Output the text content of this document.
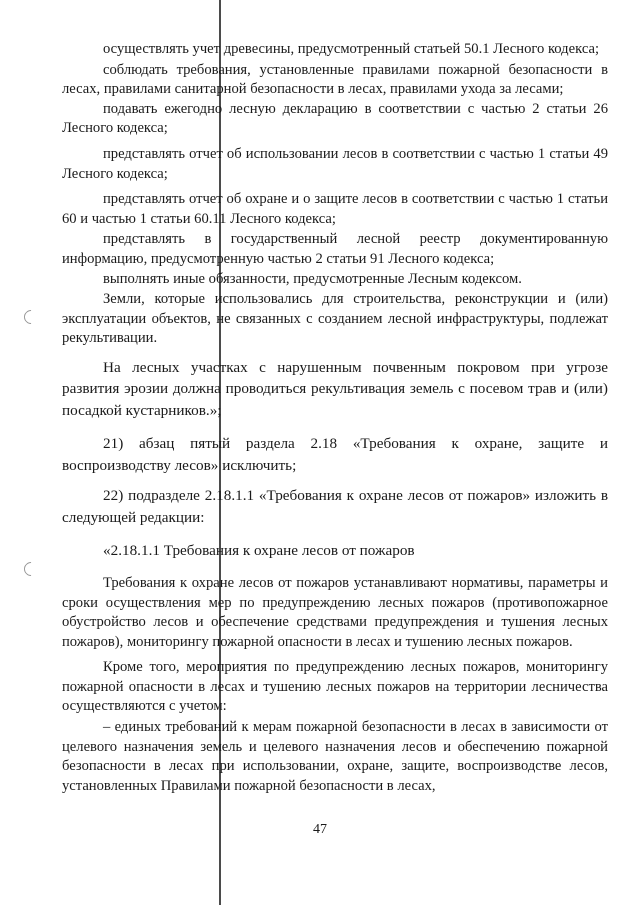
осуществлять учет древесины, предусмотренный статьей 50.1 Лесного кодекса;

соблюдать требования, установленные правилами пожарной безопасности в лесах, правилами санитарной безопасности в лесах, правилами ухода за лесами;

подавать ежегодно лесную декларацию в соответствии с частью 2 статьи 26 Лесного кодекса;

представлять отчет об использовании лесов в соответствии с частью 1 статьи 49 Лесного кодекса;

представлять отчет об охране и о защите лесов в соответствии с частью 1 статьи 60 и частью 1 статьи 60.11 Лесного кодекса;

представлять в государственный лесной реестр документированную информацию, предусмотренную частью 2 статьи 91 Лесного кодекса;

выполнять иные обязанности, предусмотренные Лесным кодексом.

Земли, которые использовались для строительства, реконструкции и (или) эксплуатации объектов, не связанных с созданием лесной инфраструктуры, подлежат рекультивации.

На лесных участках с нарушенным почвенным покровом при угрозе развития эрозии должна проводиться рекультивация земель с посевом трав и (или) посадкой кустарников.»;

21) абзац пятый раздела 2.18 «Требования к охране, защите и воспроизводству лесов» исключить;

22) подразделе 2.18.1.1 «Требования к охране лесов от пожаров» изложить в следующей редакции:

«2.18.1.1 Требования к охране лесов от пожаров

Требования к охране лесов от пожаров устанавливают нормативы, параметры и сроки осуществления мер по предупреждению лесных пожаров (противопожарное обустройство лесов и обеспечение средствами предупреждения и тушения лесных пожаров), мониторингу пожарной опасности в лесах и тушению лесных пожаров.

Кроме того, мероприятия по предупреждению лесных пожаров, мониторингу пожарной опасности в лесах и тушению лесных пожаров на территории лесничества осуществляются с учетом:

– единых требований к мерам пожарной безопасности в лесах в зависимости от целевого назначения земель и целевого назначения лесов и обеспечению пожарной безопасности в лесах при использовании, охране, защите, воспроизводстве лесов, установленных Правилами пожарной безопасности в лесах,

47
